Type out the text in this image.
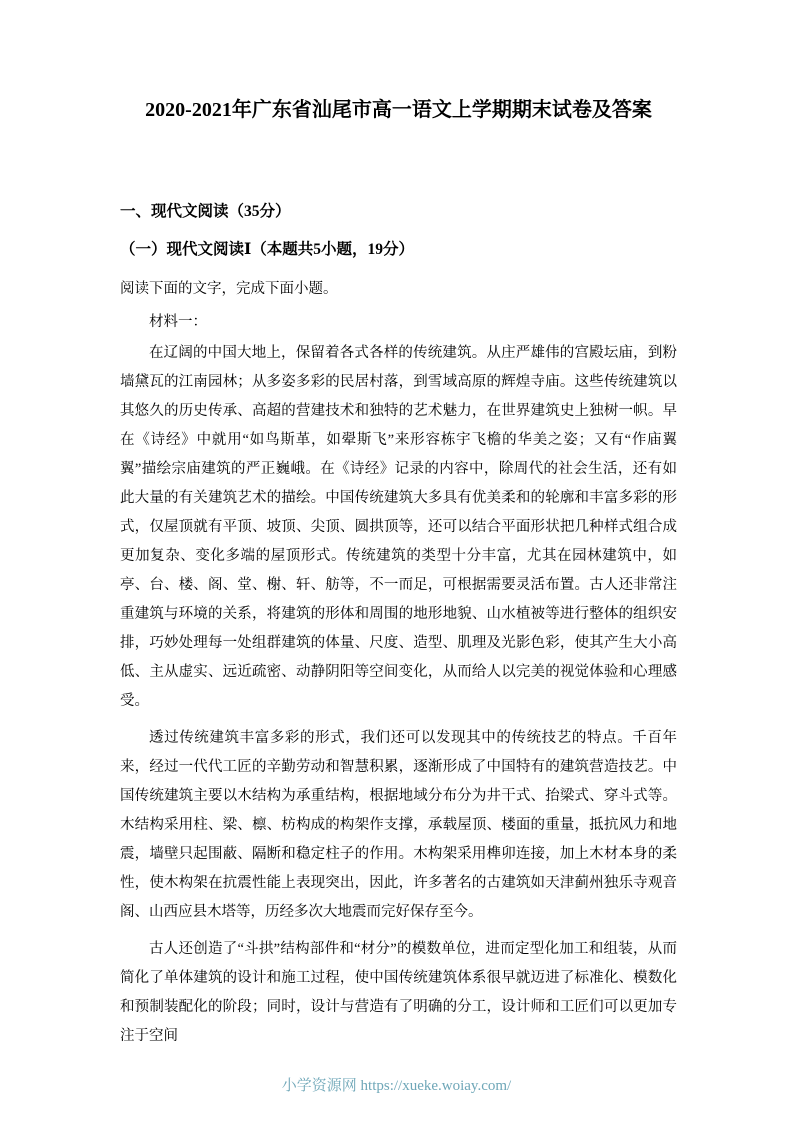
2020-2021年广东省汕尾市高一语文上学期期末试卷及答案
一、现代文阅读（35分）
（一）现代文阅读Ⅰ（本题共5小题，19分）

阅读下面的文字，完成下面小题。

材料一：

在辽阔的中国大地上，保留着各式各样的传统建筑。从庄严雄伟的宫殿坛庙，到粉墙黛瓦的江南园林；从多姿多彩的民居村落，到雪域高原的辉煌寺庙。这些传统建筑以其悠久的历史传承、高超的营建技术和独特的艺术魅力，在世界建筑史上独树一帜。早在《诗经》中就用“如鸟斯革，如翚斯飞”来形容栋宇飞檐的华美之姿；又有“作庙翼翼”描绘宗庙建筑的严正巍峨。在《诗经》记录的内容中，除周代的社会生活，还有如此大量的有关建筑艺术的描绘。中国传统建筑大多具有优美柔和的轮廓和丰富多彩的形式，仅屋顶就有平顶、坡顶、尖顶、圆拱顶等，还可以结合平面形状把几种样式组合成更加复杂、变化多端的屋顶形式。传统建筑的类型十分丰富，尤其在园林建筑中，如亭、台、楼、阁、堂、榭、轩、舫等，不一而足，可根据需要灵活布置。古人还非常注重建筑与环境的关系，将建筑的形体和周围的地形地貌、山水植被等进行整体的组织安排，巧妙处理每一处组群建筑的体量、尺度、造型、肌理及光影色彩，使其产生大小高低、主从虚实、远近疏密、动静阴阳等空间变化，从而给人以完美的视觉体验和心理感受。

透过传统建筑丰富多彩的形式，我们还可以发现其中的传统技艺的特点。千百年来，经过一代代工匠的辛勤劳动和智慧积累，逐渐形成了中国特有的建筑营造技艺。中国传统建筑主要以木结构为承重结构，根据地域分布分为井干式、抬梁式、穿斗式等。木结构采用柱、梁、檩、枋构成的构架作支撑，承载屋顶、楼面的重量，抵抗风力和地震，墙壁只起围蔽、隔断和稳定柱子的作用。木构架采用榫卯连接，加上木材本身的柔性，使木构架在抗震性能上表现突出，因此，许多著名的古建筑如天津蓟州独乐寺观音阁、山西应县木塔等，历经多次大地震而完好保存至今。

古人还创造了“斗拱”结构部件和“材分”的模数单位，进而定型化加工和组装，从而简化了单体建筑的设计和施工过程，使中国传统建筑体系很早就迈进了标准化、模数化和预制装配化的阶段；同时，设计与营造有了明确的分工，设计师和工匠们可以更加专注于空间

小学资源网 https://xueke.woiay.com/
